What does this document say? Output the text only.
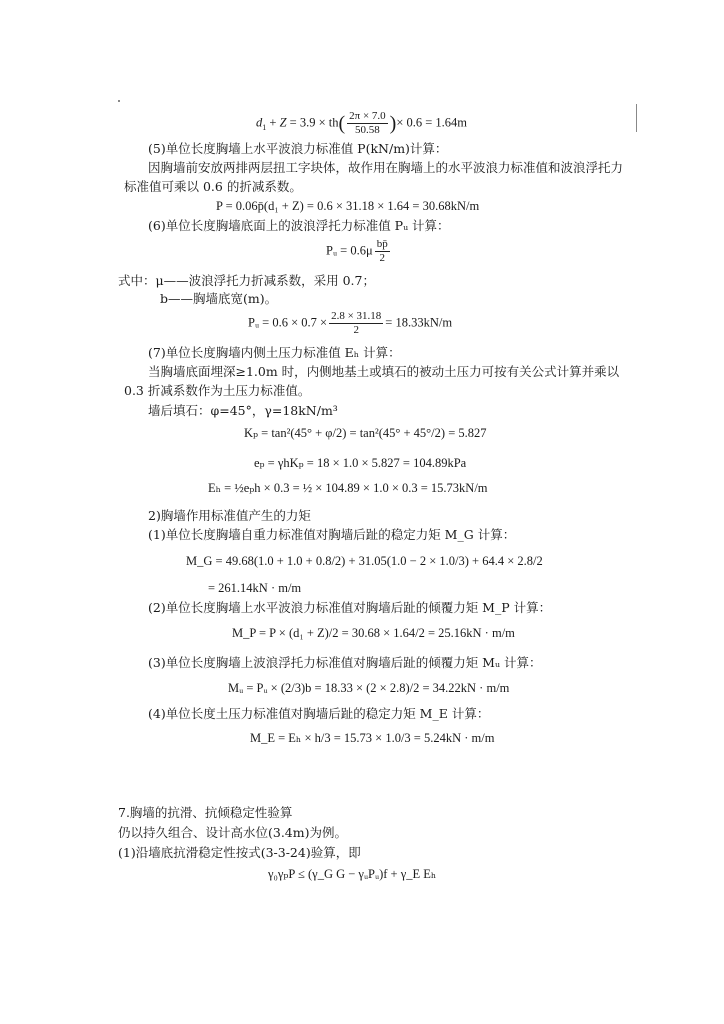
$d_1 + Z = 3.9 \times th( \frac{2\pi \times 7.0}{50.58}$ )× 0.6 = 1.64m
(5)单位长度胸墙上水平波浪力标准值 P(kN/m)计算：
因胸墙前安放两排两层扭工字块体，故作用在胸墙上的水平波浪力标准值和波浪浮托力
标准值可乘以 0.6 的折减系数。
P = 0.06p̄(d₁ + Z) = 0.6 × 31.18 × 1.64 = 30.68kN/m
(6)单位长度胸墙底面上的波浪浮托力标准值 Pᵤ 计算：
Pᵤ = $0.6\mu \frac{bp̄}{2}$
式中：μ——波浪浮托力折减系数，采用 0.7；
b——胸墙底宽(m)。
Pᵤ = $0.6 \times 0.7 \times \frac{2.8 \times 31.18}{2} = 18.33kN/m$
(7)单位长度胸墙内侧土压力标准值 Eₕ 计算：
当胸墙底面埋深≥1.0m 时，内侧地基土或填石的被动土压力可按有关公式计算并乘以
0.3 折减系数作为土压力标准值。
墙后填石：φ=45°，γ=18kN/m³
Kₚ = tan²(45° + φ/2) = tan²(45° + 45°/2) = 5.827
eₚ = γhKₚ = 18 × 1.0 × 5.827 = 104.89kPa
Eₕ = ½eₚh × 0.3 = ½ × 104.89 × 1.0 × 0.3 = 15.73kN/m
2)胸墙作用标准值产生的力矩
(1)单位长度胸墙自重力标准值对胸墙后趾的稳定力矩 M_G 计算：
M_G = 49.68(1.0 + 1.0 + 0.8/2) + 31.05(1.0 − 2 × 1.0/3) + 64.4 × 2.8/2
= 261.14kN · m/m
(2)单位长度胸墙上水平波浪力标准值对胸墙后趾的倾覆力矩 M_P 计算：
M_P = P × (d₁ + Z)/2 = 30.68 × 1.64/2 = 25.16kN · m/m
(3)单位长度胸墙上波浪浮托力标准值对胸墙后趾的倾覆力矩 Mᵤ 计算：
Mᵤ = Pᵤ × (2/3)b = 18.33 × (2 × 2.8)/2 = 34.22kN · m/m
(4)单位长度土压力标准值对胸墙后趾的稳定力矩 M_E 计算：
M_E = Eₕ × h/3 = 15.73 × 1.0/3 = 5.24kN · m/m
7.胸墙的抗滑、抗倾稳定性验算
仍以持久组合、设计高水位(3.4m)为例。
(1)沿墙底抗滑稳定性按式(3-3-24)验算，即
γ₀γₚP ≤ (γ_G G − γᵤPᵤ)f + γ_E Eₕ
